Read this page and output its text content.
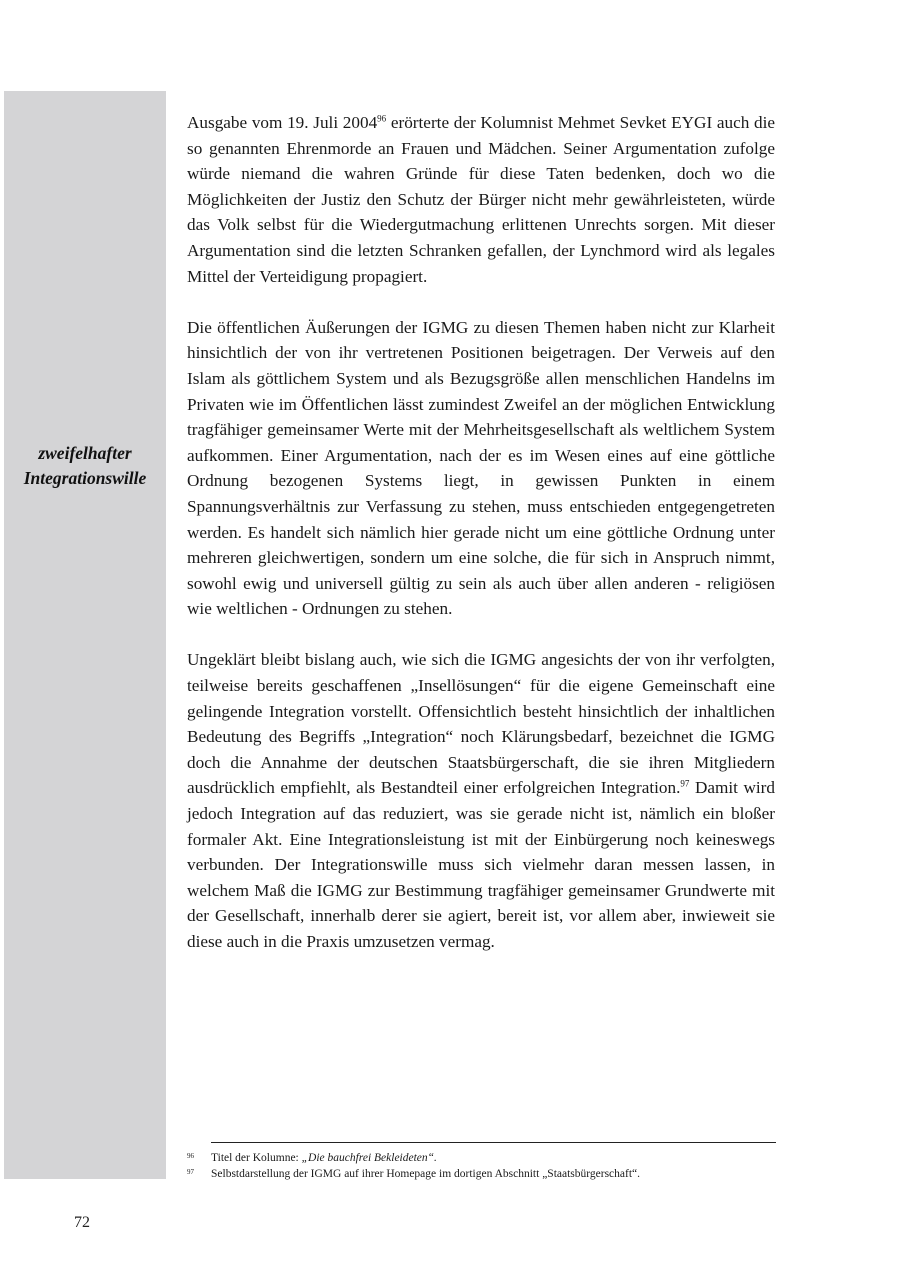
zweifelhafter
Integrationswille

Ausgabe vom 19. Juli 2004$^{96}$ erörterte der Kolumnist Mehmet Sevket EYGI auch die so genannten Ehrenmorde an Frauen und Mädchen. Seiner Argumentation zufolge würde niemand die wahren Gründe für diese Taten bedenken, doch wo die Möglichkeiten der Justiz den Schutz der Bürger nicht mehr gewährleisteten, würde das Volk selbst für die Wiedergutmachung erlittenen Unrechts sorgen. Mit dieser Argumentation sind die letzten Schranken gefallen, der Lynchmord wird als legales Mittel der Verteidigung propagiert.

Die öffentlichen Äußerungen der IGMG zu diesen Themen haben nicht zur Klarheit hinsichtlich der von ihr vertretenen Positionen beigetragen. Der Verweis auf den Islam als göttlichem System und als Bezugsgröße allen menschlichen Handelns im Privaten wie im Öffentlichen lässt zumindest Zweifel an der möglichen Entwicklung tragfähiger gemeinsamer Werte mit der Mehrheitsgesellschaft als weltlichem System aufkommen. Einer Argumentation, nach der es im Wesen eines auf eine göttliche Ordnung bezogenen Systems liegt, in gewissen Punkten in einem Spannungsverhältnis zur Verfassung zu stehen, muss entschieden entgegengetreten werden. Es handelt sich nämlich hier gerade nicht um eine göttliche Ordnung unter mehreren gleichwertigen, sondern um eine solche, die für sich in Anspruch nimmt, sowohl ewig und universell gültig zu sein als auch über allen anderen - religiösen wie weltlichen - Ordnungen zu stehen.

Ungeklärt bleibt bislang auch, wie sich die IGMG angesichts der von ihr verfolgten, teilweise bereits geschaffenen „Insellösungen“ für die eigene Gemeinschaft eine gelingende Integration vorstellt. Offensichtlich besteht hinsichtlich der inhaltlichen Bedeutung des Begriffs „Integration“ noch Klärungsbedarf, bezeichnet die IGMG doch die Annahme der deutschen Staatsbürgerschaft, die sie ihren Mitgliedern ausdrücklich empfiehlt, als Bestandteil einer erfolgreichen Integration.$^{97}$ Damit wird jedoch Integration auf das reduziert, was sie gerade nicht ist, nämlich ein bloßer formaler Akt. Eine Integrationsleistung ist mit der Einbürgerung noch keineswegs verbunden. Der Integrationswille muss sich vielmehr daran messen lassen, in welchem Maß die IGMG zur Bestimmung tragfähiger gemeinsamer Grundwerte mit der Gesellschaft, innerhalb derer sie agiert, bereit ist, vor allem aber, inwieweit sie diese auch in die Praxis umzusetzen vermag.

96	Titel der Kolumne: „Die bauchfrei Bekleideten“.
97	Selbstdarstellung der IGMG auf ihrer Homepage im dortigen Abschnitt „Staatsbürgerschaft“.
72
